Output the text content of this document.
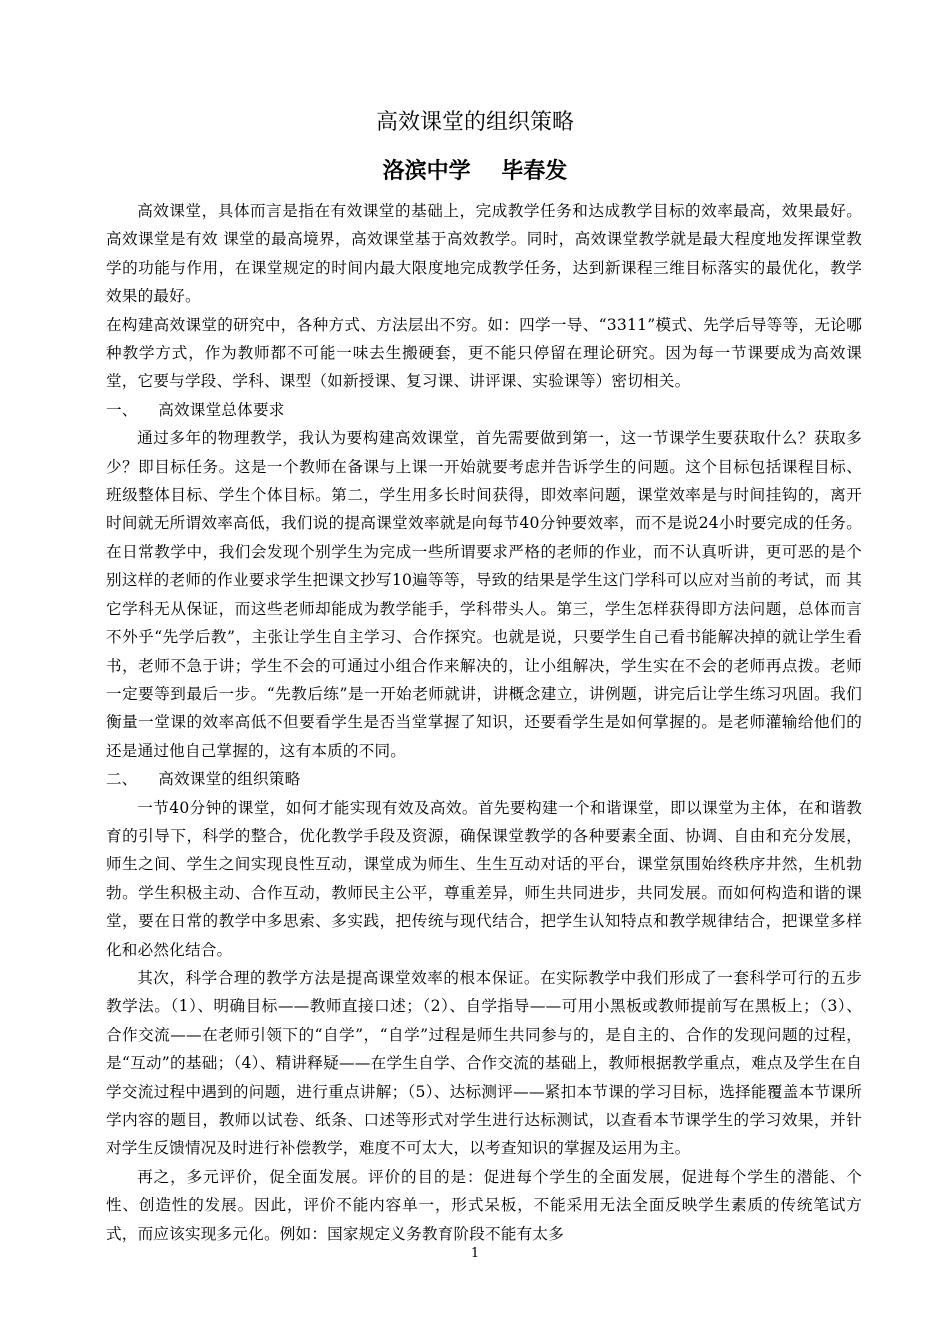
高效课堂的组织策略
洛滨中学    毕春发

高效课堂，具体而言是指在有效课堂的基础上，完成教学任务和达成教学目标的效率最高，效果最好。高效课堂是有效 课堂的最高境界，高效课堂基于高效教学。同时，高效课堂教学就是最大程度地发挥课堂教学的功能与作用，在课堂规定的时间内最大限度地完成教学任务，达到新课程三维目标落实的最优化，教学效果的最好。

在构建高效课堂的研究中，各种方式、方法层出不穷。如：四学一导、“3311”模式、先学后导等等，无论哪种教学方式，作为教师都不可能一味去生搬硬套，更不能只停留在理论研究。因为每一节课要成为高效课堂，它要与学段、学科、课型（如新授课、复习课、讲评课、实验课等）密切相关。

一、    高效课堂总体要求

通过多年的物理教学，我认为要构建高效课堂，首先需要做到第一，这一节课学生要获取什么？获取多少？即目标任务。这是一个教师在备课与上课一开始就要考虑并告诉学生的问题。这个目标包括课程目标、班级整体目标、学生个体目标。第二，学生用多长时间获得，即效率问题，课堂效率是与时间挂钩的，离开时间就无所谓效率高低，我们说的提高课堂效率就是向每节40分钟要效率，而不是说24小时要完成的任务。在日常教学中，我们会发现个别学生为完成一些所谓要求严格的老师的作业，而不认真听讲，更可恶的是个别这样的老师的作业要求学生把课文抄写10遍等等，导致的结果是学生这门学科可以应对当前的考试，而 其它学科无从保证，而这些老师却能成为教学能手，学科带头人。第三，学生怎样获得即方法问题，总体而言不外乎“先学后教”，主张让学生自主学习、合作探究。也就是说，只要学生自己看书能解决掉的就让学生看书，老师不急于讲；学生不会的可通过小组合作来解决的，让小组解决，学生实在不会的老师再点拨。老师一定要等到最后一步。“先教后练”是一开始老师就讲，讲概念建立，讲例题，讲完后让学生练习巩固。我们衡量一堂课的效率高低不但要看学生是否当堂掌握了知识，还要看学生是如何掌握的。是老师灌输给他们的还是通过他自己掌握的，这有本质的不同。

二、    高效课堂的组织策略

一节40分钟的课堂，如何才能实现有效及高效。首先要构建一个和谐课堂，即以课堂为主体，在和谐教育的引导下，科学的整合，优化教学手段及资源，确保课堂教学的各种要素全面、协调、自由和充分发展，师生之间、学生之间实现良性互动，课堂成为师生、生生互动对话的平台，课堂氛围始终秩序井然，生机勃勃。学生积极主动、合作互动，教师民主公平，尊重差异，师生共同进步，共同发展。而如何构造和谐的课堂，要在日常的教学中多思索、多实践，把传统与现代结合，把学生认知特点和教学规律结合，把课堂多样化和必然化结合。

其次，科学合理的教学方法是提高课堂效率的根本保证。在实际教学中我们形成了一套科学可行的五步教学法。（1）、明确目标——教师直接口述；（2）、自学指导——可用小黑板或教师提前写在黑板上；（3）、合作交流——在老师引领下的“自学”，“自学”过程是师生共同参与的，是自主的、合作的发现问题的过程，是“互动”的基础；（4）、精讲释疑——在学生自学、合作交流的基础上，教师根据教学重点，难点及学生在自学交流过程中遇到的问题，进行重点讲解；（5）、达标测评——紧扣本节课的学习目标，选择能覆盖本节课所学内容的题目，教师以试卷、纸条、口述等形式对学生进行达标测试，以查看本节课学生的学习效果，并针对学生反馈情况及时进行补偿教学，难度不可太大，以考查知识的掌握及运用为主。

再之，多元评价，促全面发展。评价的目的是：促进每个学生的全面发展，促进每个学生的潜能、个性、创造性的发展。因此，评价不能内容单一，形式呆板，不能采用无法全面反映学生素质的传统笔试方式，而应该实现多元化。例如：国家规定义务教育阶段不能有太多

1
